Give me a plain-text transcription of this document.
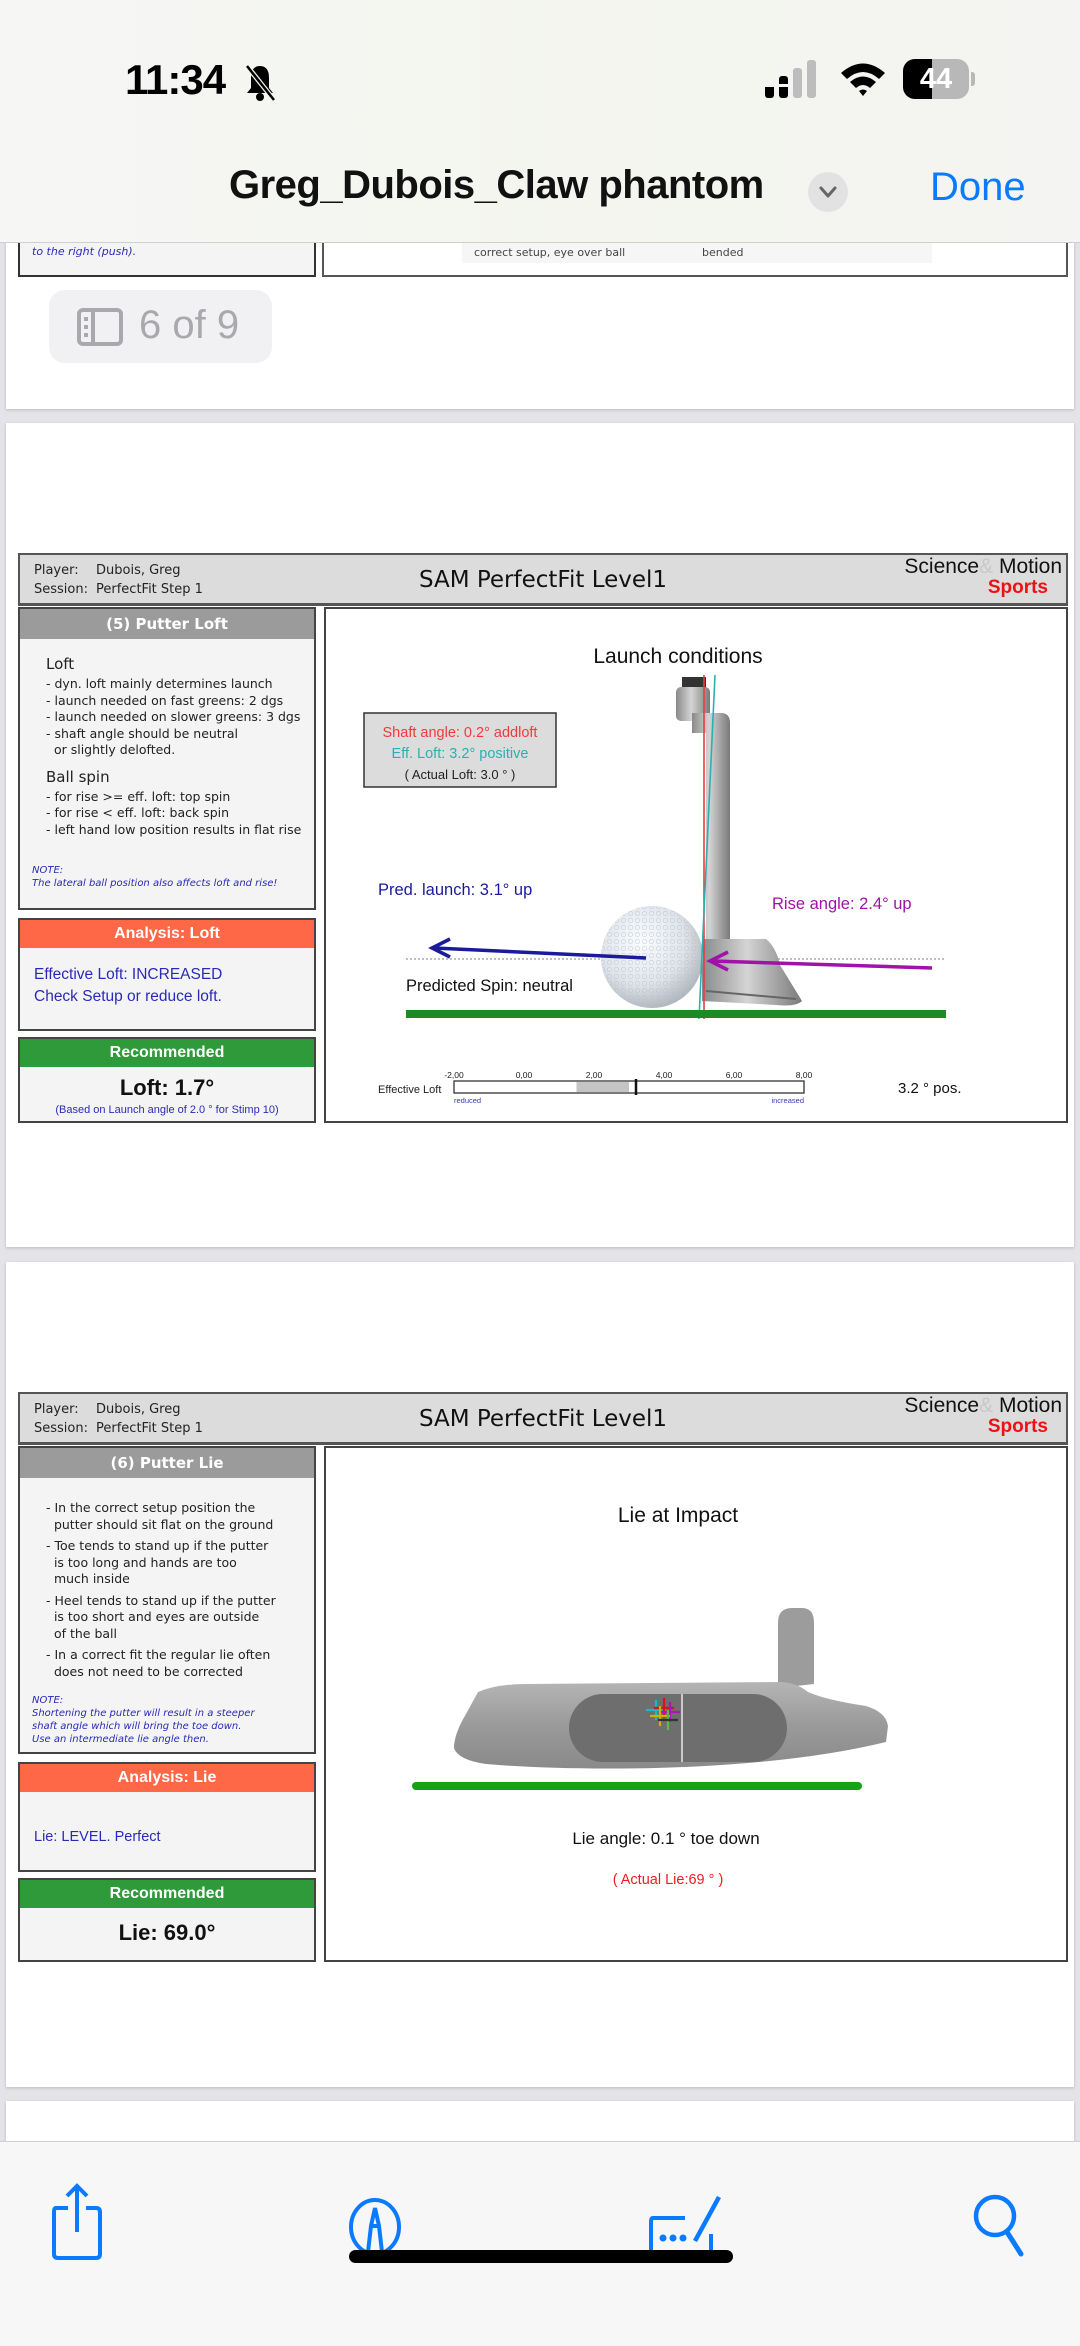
to the right (push).	correct setup, eye over ball	bended
6 of 9
Player: Dubois, Greg
Session: PerfectFit Step 1	SAM PerfectFit Level1
Science& Motion
Sports
(5) Putter Loft
Loft
- dyn. loft mainly determines launch
- launch needed on fast greens: 2 dgs
- launch needed on slower greens: 3 dgs
- shaft angle should be neutral
or slightly delofted.
Ball spin
- for rise >= eff. loft: top spin
- for rise < eff. loft: back spin
- left hand low position results in flat rise
NOTE:
The lateral ball position also affects loft and rise!
Analysis: Loft
Effective Loft: INCREASED
Check Setup or reduce loft.
Recommended
Loft: 1.7°
(Based on Launch angle of 2.0 ° for Stimp 10)
Shaft angle: 0.2° addloft
Eff. Loft: 3.2° positive
( Actual Loft: 3.0 ° )
Pred. launch: 3.1° up
Rise angle: 2.4° up
Predicted Spin: neutral
Launch conditions
Effective Loft
-2,00	0,00	2,00	4,00	6,00	8,00
reduced	increased
3.2 ° pos.
Player: Dubois, Greg
Session: PerfectFit Step 1	SAM PerfectFit Level1
Science& Motion
Sports
(6) Putter Lie
- In the correct setup position the
putter should sit flat on the ground
- Toe tends to stand up if the putter
is too long and hands are too
much inside
- Heel tends to stand up if the putter
is too short and eyes are outside
of the ball
- In a correct fit the regular lie often
does not need to be corrected
NOTE:
Shortening the putter will result in a steeper
shaft angle which will bring the toe down.
Use an intermediate lie angle then.
Analysis: Lie
Lie: LEVEL. Perfect
Recommended
Lie: 69.0°
Lie at Impact
Lie angle: 0.1 ° toe down
( Actual Lie:69 ° )
11:34	44
Greg_Dubois_Claw phantom	Done
